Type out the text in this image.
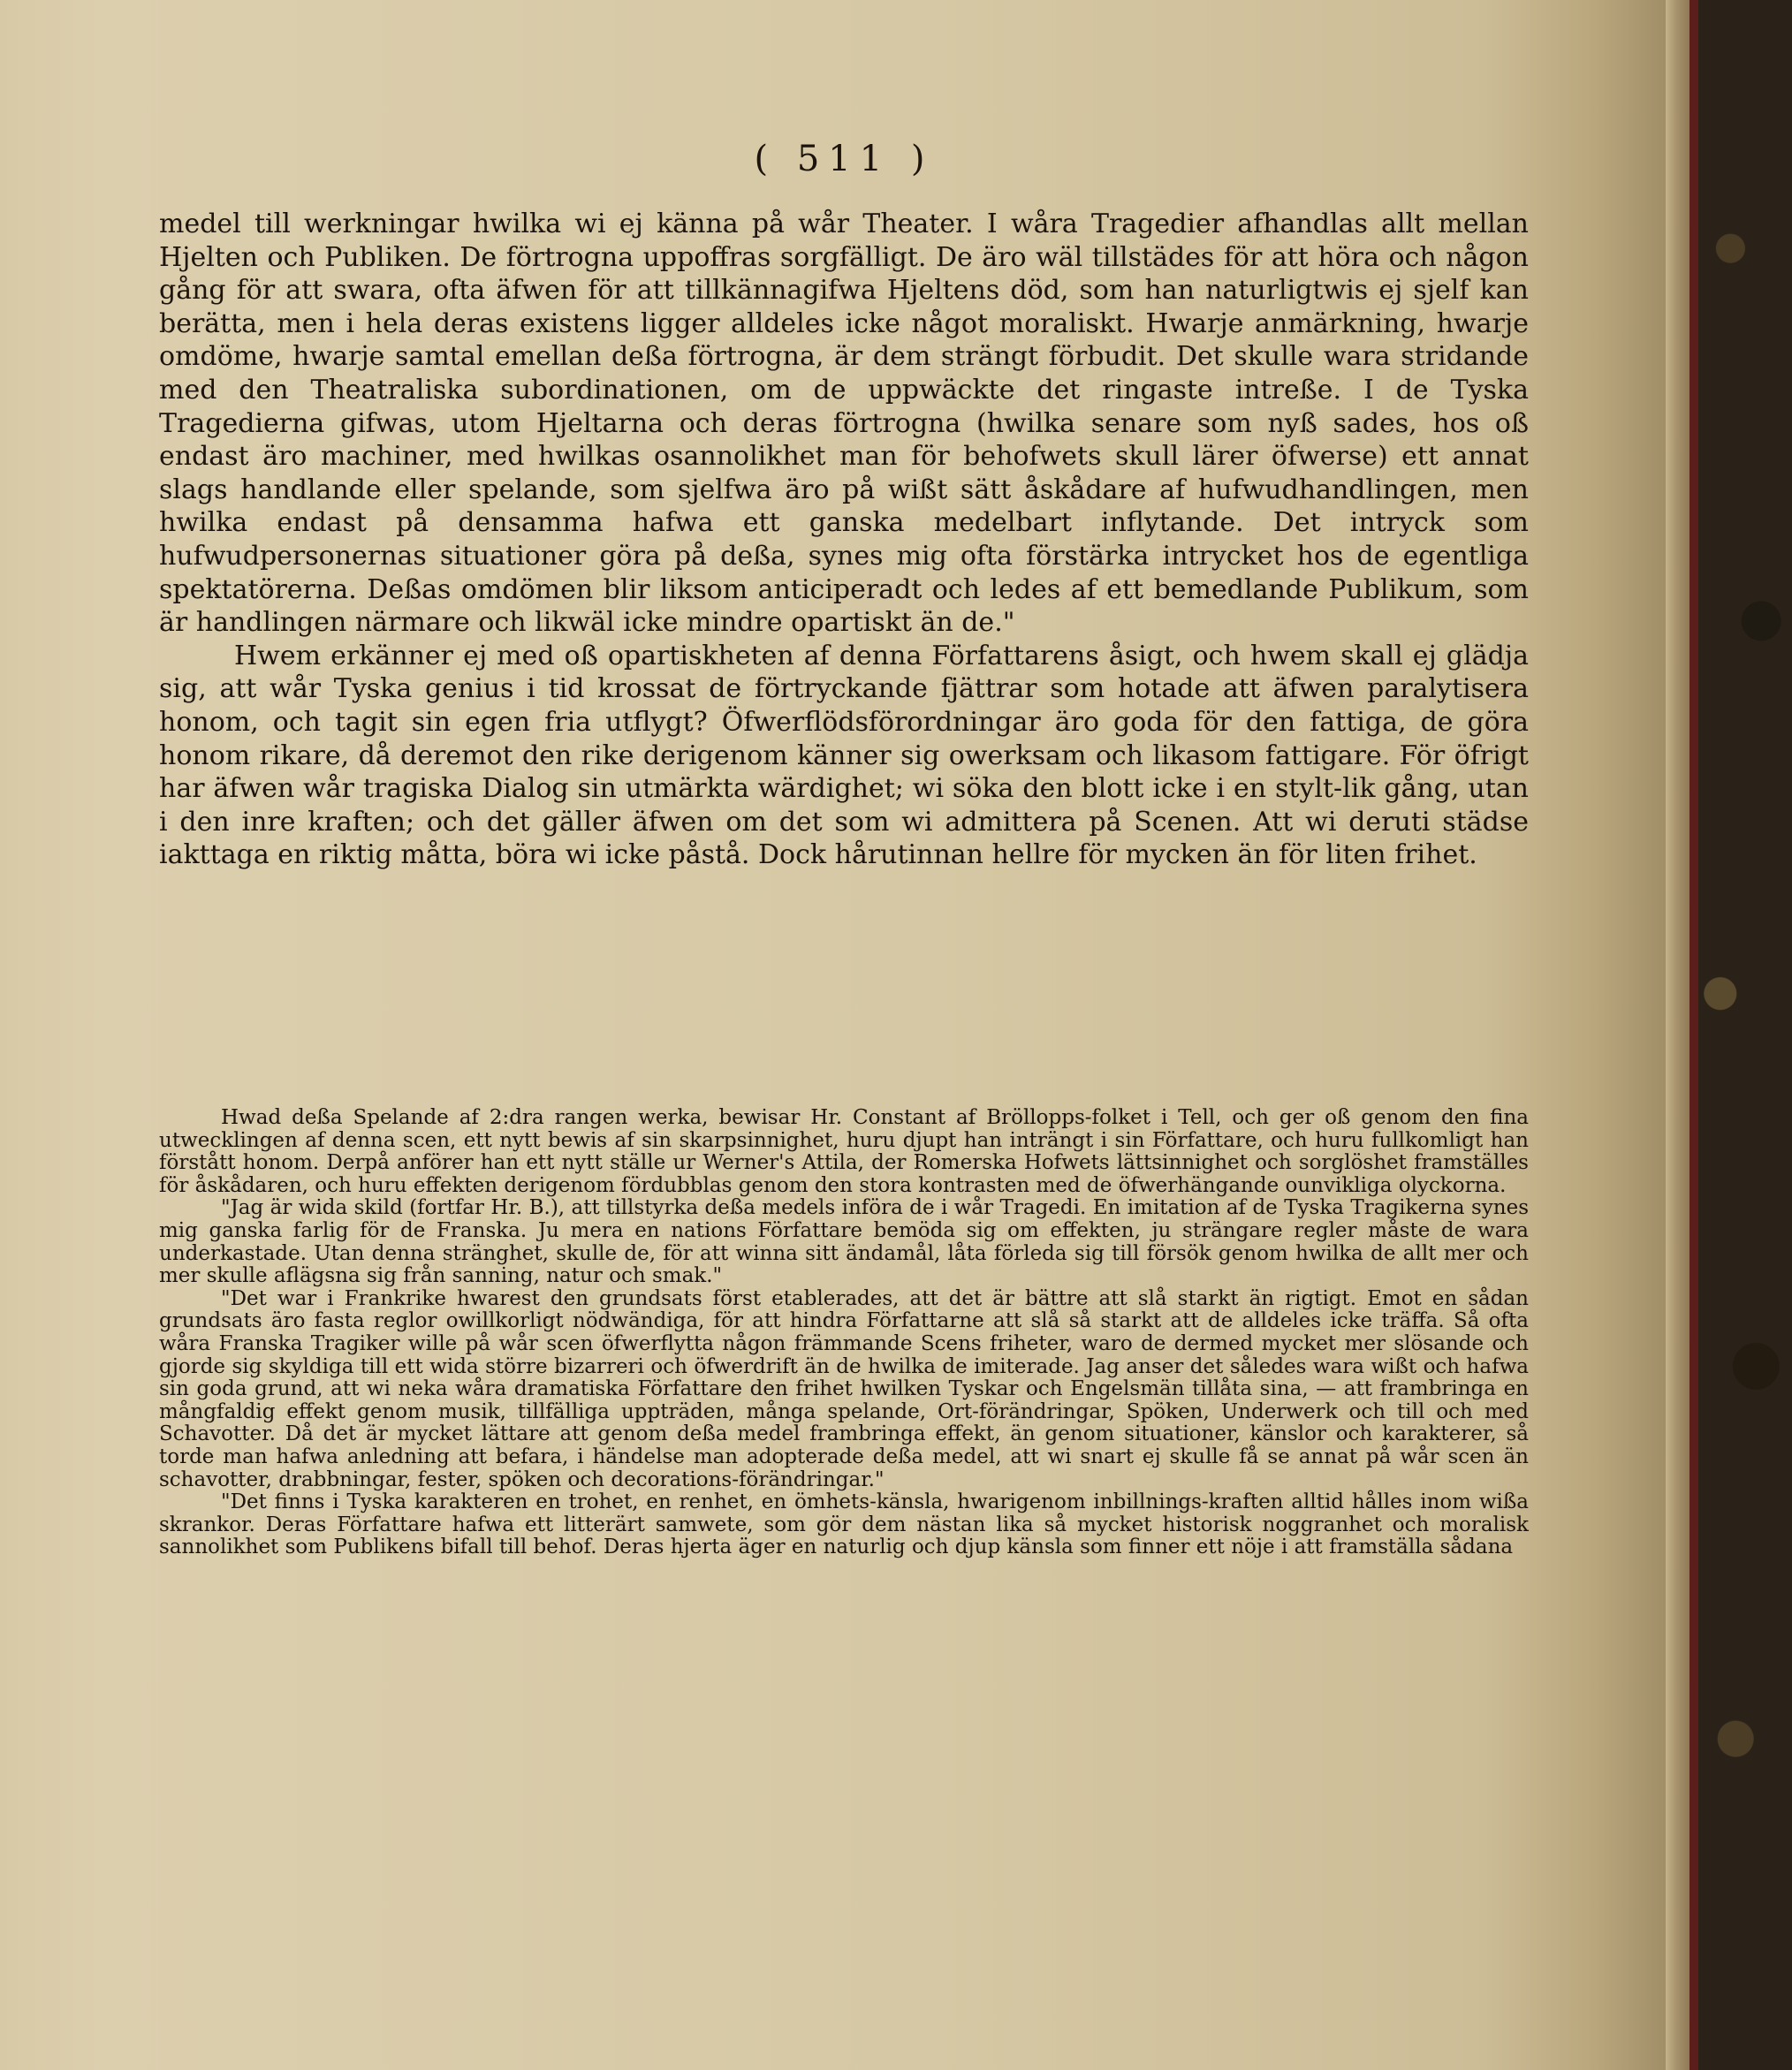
( 511 )

medel till werkningar hwilka wi ej känna på wår Theater. I wåra Tragedier afhandlas allt mellan Hjelten och Publiken. De förtrogna uppoffras sorgfälligt. De äro wäl tillstädes för att höra och någon gång för att swara, ofta äfwen för att tillkännagifwa Hjeltens död, som han naturligtwis ej sjelf kan berätta, men i hela deras existens ligger alldeles icke något moraliskt. Hwarje anmärkning, hwarje omdöme, hwarje samtal emellan deßa förtrogna, är dem strängt förbudit. Det skulle wara stridande med den Theatraliska subordinationen, om de uppwäckte det ringaste intreße. I de Tyska Tragedierna gifwas, utom Hjeltarna och deras förtrogna (hwilka senare som nyß sades, hos oß endast äro machiner, med hwilkas osannolikhet man för behofwets skull lärer öfwerse) ett annat slags handlande eller spelande, som sjelfwa äro på wißt sätt åskådare af hufwudhandlingen, men hwilka endast på densamma hafwa ett ganska medelbart inflytande. Det intryck som hufwudpersonernas situationer göra på deßa, synes mig ofta förstärka intrycket hos de egentliga spektatörerna. Deßas omdömen blir liksom anticiperadt och ledes af ett bemedlande Publikum, som är handlingen närmare och likwäl icke mindre opartiskt än de."

Hwem erkänner ej med oß opartiskheten af denna Författarens åsigt, och hwem skall ej glädja sig, att wår Tyska genius i tid krossat de förtryckande fjättrar som hotade att äfwen paralytisera honom, och tagit sin egen fria utflygt? Öfwerflödsförordningar äro goda för den fattiga, de göra honom rikare, då deremot den rike derigenom känner sig owerksam och likasom fattigare. För öfrigt har äfwen wår tragiska Dialog sin utmärkta wärdighet; wi söka den blott icke i en stylt-lik gång, utan i den inre kraften; och det gäller äfwen om det som wi admittera på Scenen. Att wi deruti städse iakttaga en riktig måtta, böra wi icke påstå. Dock hårutinnan hellre för mycken än för liten frihet.

Hwad deßa Spelande af 2:dra rangen werka, bewisar Hr. Constant af Bröllopps-folket i Tell, och ger oß genom den fina utwecklingen af denna scen, ett nytt bewis af sin skarpsinnighet, huru djupt han inträngt i sin Författare, och huru fullkomligt han förstått honom. Derpå anförer han ett nytt ställe ur Werner's Attila, der Romerska Hofwets lättsinnighet och sorglöshet framställes för åskådaren, och huru effekten derigenom fördubblas genom den stora kontrasten med de öfwerhängande ounvikliga olyckorna.

"Jag är wida skild (fortfar Hr. B.), att tillstyrka deßa medels införa de i wår Tragedi. En imitation af de Tyska Tragikerna synes mig ganska farlig för de Franska. Ju mera en nations Författare bemöda sig om effekten, ju strängare regler måste de wara underkastade. Utan denna stränghet, skulle de, för att winna sitt ändamål, låta förleda sig till försök genom hwilka de allt mer och mer skulle aflägsna sig från sanning, natur och smak."

"Det war i Frankrike hwarest den grundsats först etablerades, att det är bättre att slå starkt än rigtigt. Emot en sådan grundsats äro fasta reglor owillkorligt nödwändiga, för att hindra Författarne att slå så starkt att de alldeles icke träffa. Så ofta wåra Franska Tragiker wille på wår scen öfwerflytta någon främmande Scens friheter, waro de dermed mycket mer slösande och gjorde sig skyldiga till ett wida större bizarreri och öfwerdrift än de hwilka de imiterade. Jag anser det således wara wißt och hafwa sin goda grund, att wi neka wåra dramatiska Författare den frihet hwilken Tyskar och Engelsmän tillåta sina, — att frambringa en mångfaldig effekt genom musik, tillfälliga uppträden, många spelande, Ort-förändringar, Spöken, Underwerk och till och med Schavotter. Då det är mycket lättare att genom deßa medel frambringa effekt, än genom situationer, känslor och karakterer, så torde man hafwa anledning att befara, i händelse man adopterade deßa medel, att wi snart ej skulle få se annat på wår scen än schavotter, drabbningar, fester, spöken och decorations-förändringar."

"Det finns i Tyska karakteren en trohet, en renhet, en ömhets-känsla, hwarigenom inbillnings-kraften alltid hålles inom wißa skrankor. Deras Författare hafwa ett litterärt samwete, som gör dem nästan lika så mycket historisk noggranhet och moralisk sannolikhet som Publikens bifall till behof. Deras hjerta äger en naturlig och djup känsla som finner ett nöje i att framställa sådana
